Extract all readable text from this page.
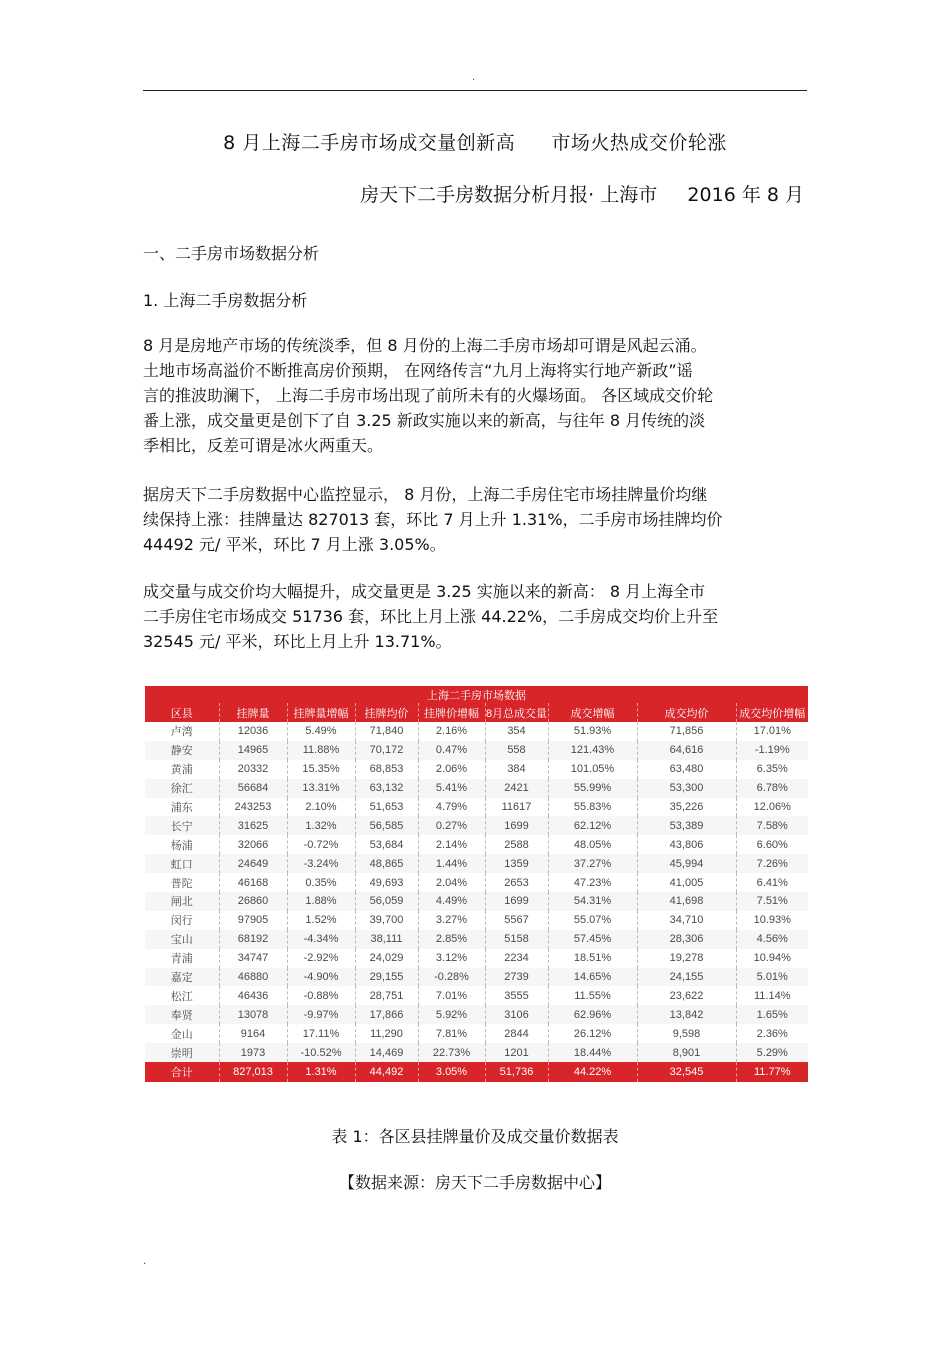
.
8 月上海二手房市场成交量创新高 市场火热成交价轮涨
房天下二手房数据分析月报· 上海市     2016 年 8 月
一、二手房市场数据分析
1. 上海二手房数据分析
8 月是房地产市场的传统淡季，但 8 月份的上海二手房市场却可谓是风起云涌。
土地市场高溢价不断推高房价预期， 在网络传言“九月上海将实行地产新政”谣
言的推波助澜下， 上海二手房市场出现了前所未有的火爆场面。 各区域成交价轮
番上涨，成交量更是创下了自 3.25 新政实施以来的新高，与往年 8 月传统的淡
季相比，反差可谓是冰火两重天。
据房天下二手房数据中心监控显示， 8 月份，上海二手房住宅市场挂牌量价均继
续保持上涨：挂牌量达 827013 套，环比 7 月上升 1.31%，二手房市场挂牌均价
44492 元/ 平米，环比 7 月上涨 3.05%。
成交量与成交价均大幅提升，成交量更是 3.25 实施以来的新高： 8 月上海全市
二手房住宅市场成交 51736 套，环比上月上涨 44.22%，二手房成交均价上升至
32545 元/ 平米，环比上月上升 13.71%。
上海二手房市场数据								
区县	挂牌量	挂牌量增幅	挂牌均价	挂牌价增幅	8月总成交量	成交增幅	成交均价	成交均价增幅
卢湾	12036	5.49%	71,840	2.16%	354	51.93%	71,856	17.01%
静安	14965	11.88%	70,172	0.47%	558	121.43%	64,616	-1.19%
黄浦	20332	15.35%	68,853	2.06%	384	101.05%	63,480	6.35%
徐汇	56684	13.31%	63,132	5.41%	2421	55.99%	53,300	6.78%
浦东	243253	2.10%	51,653	4.79%	11617	55.83%	35,226	12.06%
长宁	31625	1.32%	56,585	0.27%	1699	62.12%	53,389	7.58%
杨浦	32066	-0.72%	53,684	2.14%	2588	48.05%	43,806	6.60%
虹口	24649	-3.24%	48,865	1.44%	1359	37.27%	45,994	7.26%
普陀	46168	0.35%	49,693	2.04%	2653	47.23%	41,005	6.41%
闸北	26860	1.88%	56,059	4.49%	1699	54.31%	41,698	7.51%
闵行	97905	1.52%	39,700	3.27%	5567	55.07%	34,710	10.93%
宝山	68192	-4.34%	38,111	2.85%	5158	57.45%	28,306	4.56%
青浦	34747	-2.92%	24,029	3.12%	2234	18.51%	19,278	10.94%
嘉定	46880	-4.90%	29,155	-0.28%	2739	14.65%	24,155	5.01%
松江	46436	-0.88%	28,751	7.01%	3555	11.55%	23,622	11.14%
奉贤	13078	-9.97%	17,866	5.92%	3106	62.96%	13,842	1.65%
金山	9164	17.11%	11,290	7.81%	2844	26.12%	9,598	2.36%
崇明	1973	-10.52%	14,469	22.73%	1201	18.44%	8,901	5.29%
合计	827,013	1.31%	44,492	3.05%	51,736	44.22%	32,545	11.77%
表 1：各区县挂牌量价及成交量价数据表
【数据来源：房天下二手房数据中心】
.
